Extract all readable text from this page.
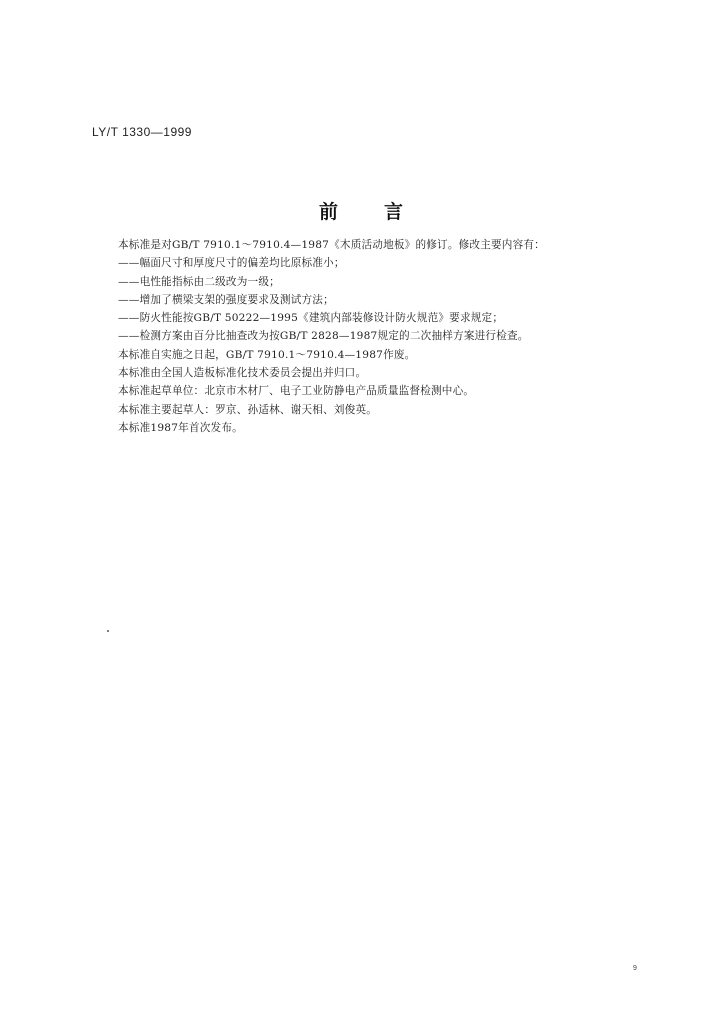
LY/T 1330—1999
前言
本标准是对GB/T 7910.1～7910.4—1987《木质活动地板》的修订。修改主要内容有：
——幅面尺寸和厚度尺寸的偏差均比原标准小；
——电性能指标由二级改为一级；
——增加了横梁支架的强度要求及测试方法；
——防火性能按GB/T 50222—1995《建筑内部装修设计防火规范》要求规定；
——检测方案由百分比抽查改为按GB/T 2828—1987规定的二次抽样方案进行检查。
本标准自实施之日起，GB/T 7910.1～7910.4—1987作废。
本标准由全国人造板标准化技术委员会提出并归口。
本标准起草单位：北京市木材厂、电子工业防静电产品质量监督检测中心。
本标准主要起草人：罗京、孙适林、谢天相、刘俊英。
本标准1987年首次发布。
9
